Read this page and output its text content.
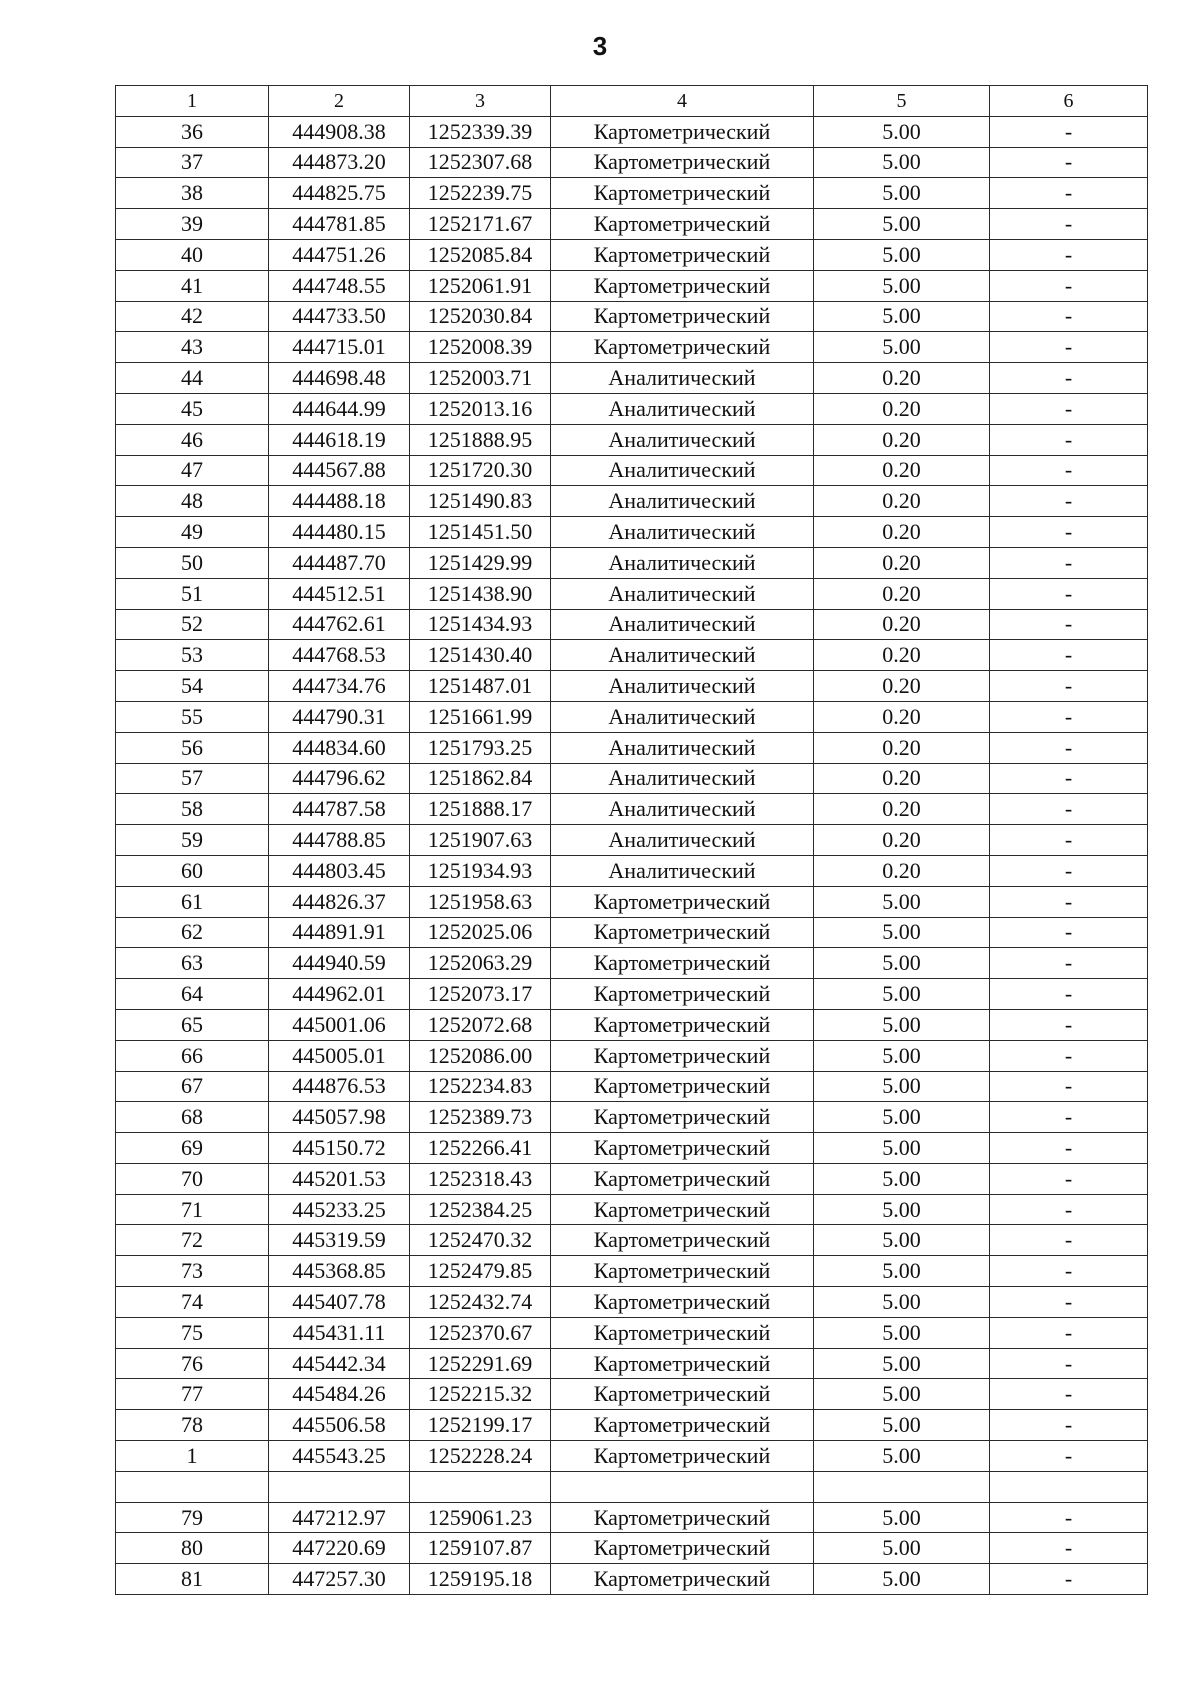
3
1	2	3	4	5	6
36	444908.38	1252339.39	Картометрический	5.00	-
37	444873.20	1252307.68	Картометрический	5.00	-
38	444825.75	1252239.75	Картометрический	5.00	-
39	444781.85	1252171.67	Картометрический	5.00	-
40	444751.26	1252085.84	Картометрический	5.00	-
41	444748.55	1252061.91	Картометрический	5.00	-
42	444733.50	1252030.84	Картометрический	5.00	-
43	444715.01	1252008.39	Картометрический	5.00	-
44	444698.48	1252003.71	Аналитический	0.20	-
45	444644.99	1252013.16	Аналитический	0.20	-
46	444618.19	1251888.95	Аналитический	0.20	-
47	444567.88	1251720.30	Аналитический	0.20	-
48	444488.18	1251490.83	Аналитический	0.20	-
49	444480.15	1251451.50	Аналитический	0.20	-
50	444487.70	1251429.99	Аналитический	0.20	-
51	444512.51	1251438.90	Аналитический	0.20	-
52	444762.61	1251434.93	Аналитический	0.20	-
53	444768.53	1251430.40	Аналитический	0.20	-
54	444734.76	1251487.01	Аналитический	0.20	-
55	444790.31	1251661.99	Аналитический	0.20	-
56	444834.60	1251793.25	Аналитический	0.20	-
57	444796.62	1251862.84	Аналитический	0.20	-
58	444787.58	1251888.17	Аналитический	0.20	-
59	444788.85	1251907.63	Аналитический	0.20	-
60	444803.45	1251934.93	Аналитический	0.20	-
61	444826.37	1251958.63	Картометрический	5.00	-
62	444891.91	1252025.06	Картометрический	5.00	-
63	444940.59	1252063.29	Картометрический	5.00	-
64	444962.01	1252073.17	Картометрический	5.00	-
65	445001.06	1252072.68	Картометрический	5.00	-
66	445005.01	1252086.00	Картометрический	5.00	-
67	444876.53	1252234.83	Картометрический	5.00	-
68	445057.98	1252389.73	Картометрический	5.00	-
69	445150.72	1252266.41	Картометрический	5.00	-
70	445201.53	1252318.43	Картометрический	5.00	-
71	445233.25	1252384.25	Картометрический	5.00	-
72	445319.59	1252470.32	Картометрический	5.00	-
73	445368.85	1252479.85	Картометрический	5.00	-
74	445407.78	1252432.74	Картометрический	5.00	-
75	445431.11	1252370.67	Картометрический	5.00	-
76	445442.34	1252291.69	Картометрический	5.00	-
77	445484.26	1252215.32	Картометрический	5.00	-
78	445506.58	1252199.17	Картометрический	5.00	-
1	445543.25	1252228.24	Картометрический	5.00	-

79	447212.97	1259061.23	Картометрический	5.00	-
80	447220.69	1259107.87	Картометрический	5.00	-
81	447257.30	1259195.18	Картометрический	5.00	-
